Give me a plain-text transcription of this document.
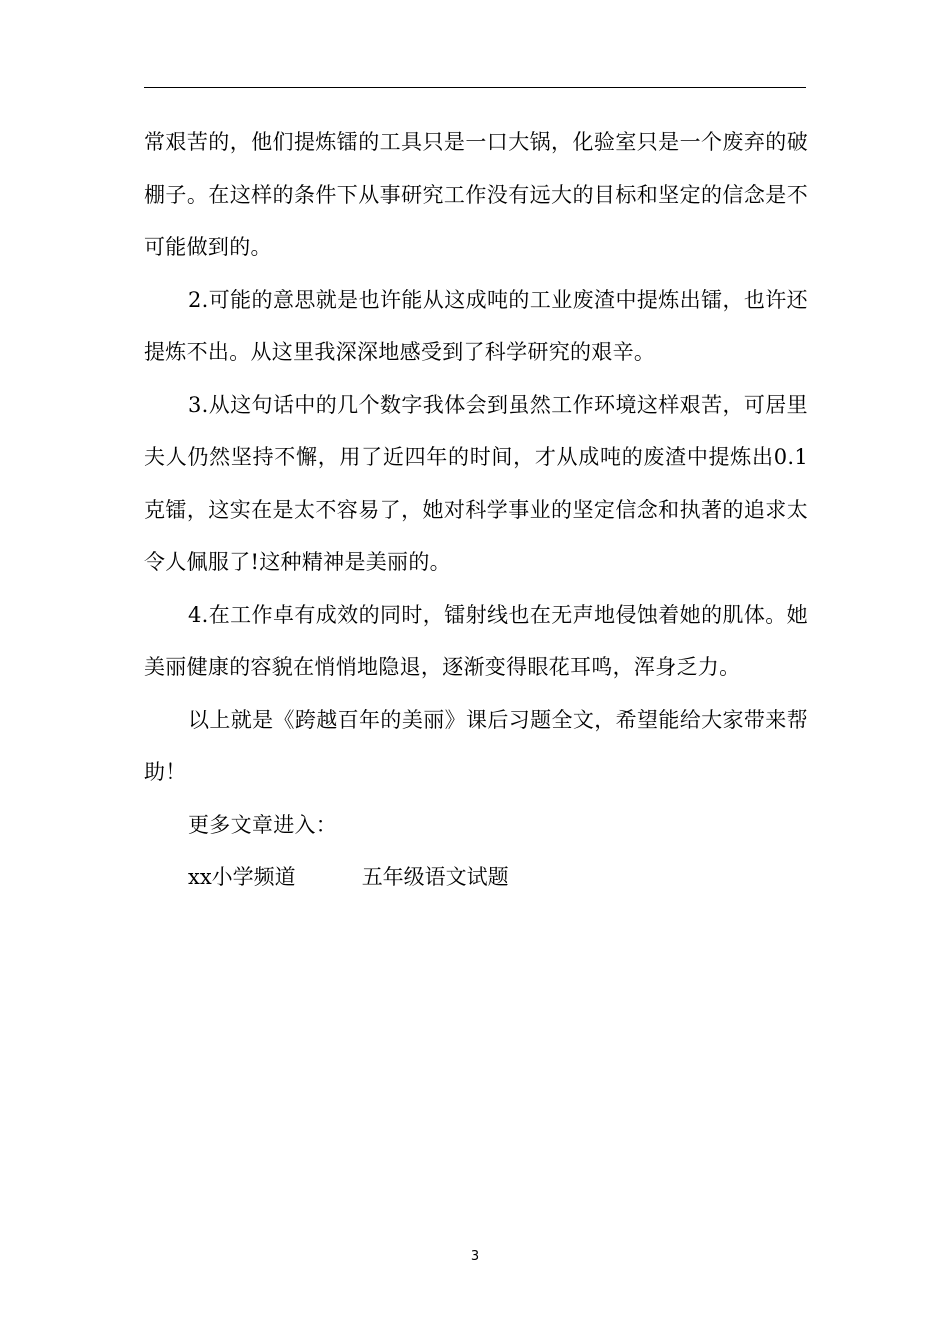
常艰苦的，他们提炼镭的工具只是一口大锅，化验室只是一个废弃的破棚子。在这样的条件下从事研究工作没有远大的目标和坚定的信念是不可能做到的。

2.可能的意思就是也许能从这成吨的工业废渣中提炼出镭，也许还提炼不出。从这里我深深地感受到了科学研究的艰辛。

3.从这句话中的几个数字我体会到虽然工作环境这样艰苦，可居里夫人仍然坚持不懈，用了近四年的时间，才从成吨的废渣中提炼出0.1克镭，这实在是太不容易了，她对科学事业的坚定信念和执著的追求太令人佩服了!这种精神是美丽的。

4.在工作卓有成效的同时，镭射线也在无声地侵蚀着她的肌体。她美丽健康的容貌在悄悄地隐退，逐渐变得眼花耳鸣，浑身乏力。

以上就是《跨越百年的美丽》课后习题全文，希望能给大家带来帮助！

更多文章进入：

xx小学频道	五年级语文试题
3
